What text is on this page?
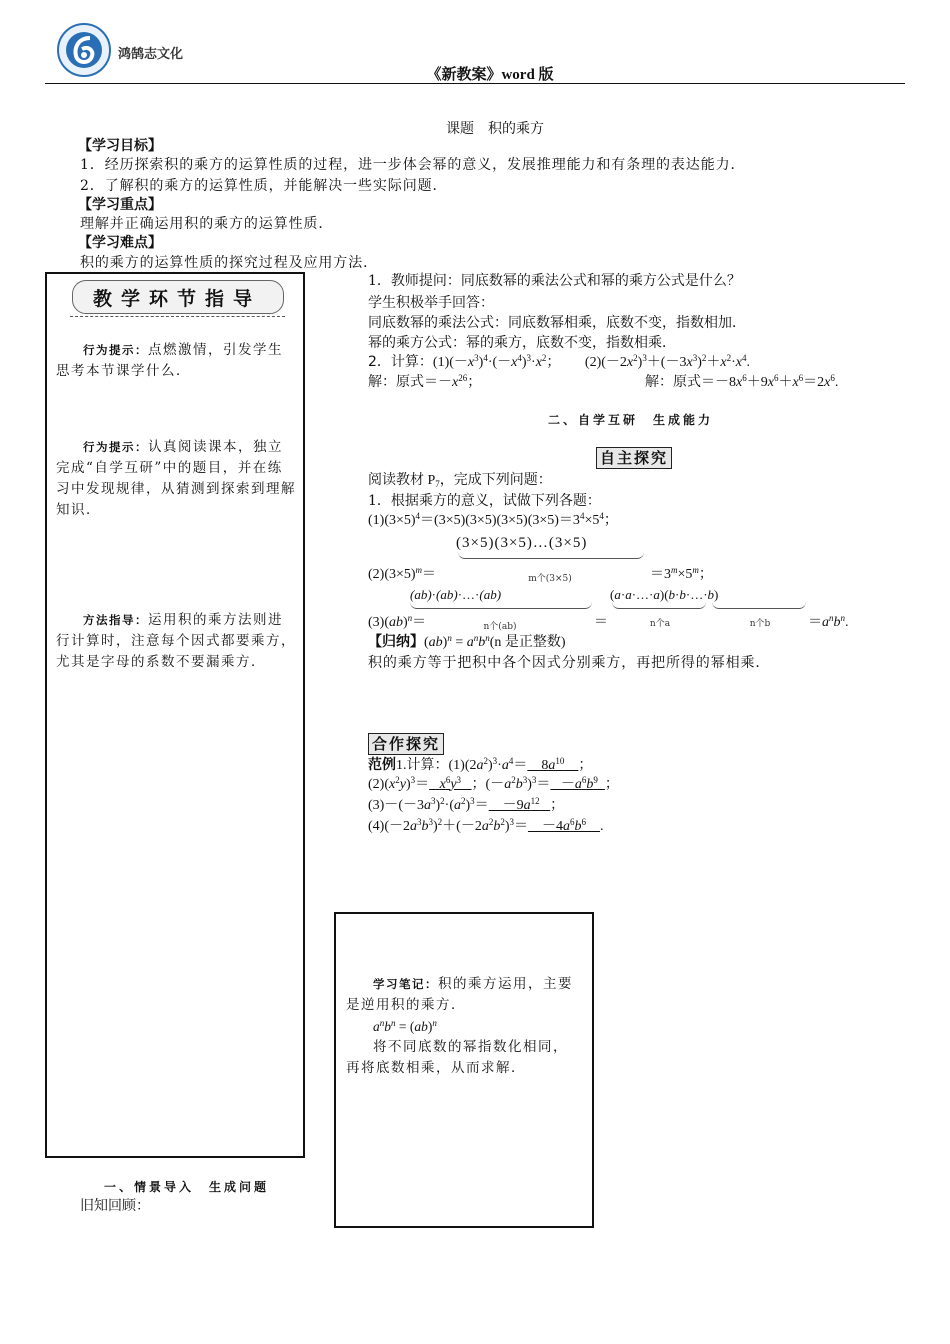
鸿鹄志文化
《新教案》word 版
课题　积的乘方
【学习目标】
1．经历探索积的乘方的运算性质的过程，进一步体会幂的意义，发展推理能力和有条理的表达能力．
2．了解积的乘方的运算性质，并能解决一些实际问题．
【学习重点】
理解并正确运用积的乘方的运算性质．
【学习难点】
积的乘方的运算性质的探究过程及应用方法．
教学环节指导
行为提示：点燃激情，引发学生思考本节课学什么．
行为提示：认真阅读课本，独立完成“自学互研”中的题目，并在练习中发现规律，从猜测到探索到理解知识．
方法指导：运用积的乘方法则进行计算时，注意每个因式都要乘方，尤其是字母的系数不要漏乘方．
一、情景导入　生成问题
旧知回顾：
1．教师提问：同底数幂的乘法公式和幂的乘方公式是什么？
学生积极举手回答：
同底数幂的乘法公式：同底数幂相乘，底数不变，指数相加．
幂的乘方公式：幂的乘方，底数不变，指数相乘．
2．计算：$(1)(-x^3)^4\cdot(-x^4)^3\cdot x^2$；       $(2)(-2x^2)^3+(-3x^3)^2+x^2\cdot x^4$.
解：原式$=-x^{26}$；	解：原式$=-8x^6+9x^6+x^6=2x^6$.
二、自学互研　生成能力
自主探究
阅读教材 $P_7$，完成下列问题：
1．根据乘方的意义，试做下列各题：
$(1)(3\times 5)^4=(3\times 5)(3\times 5)(3\times 5)(3\times 5)=3^4\times 5^4$；
(3×5)(3×5)…(3×5)
m个(3×5)
$(2)(3\times 5)^m=$	$=3^m\times 5^m$；
(ab)·(ab)·…·(ab)
n个(ab)
(a·a·…·a)(b·b·…·b)
n个a	n个b
(3)(ab)$^n$＝	＝	$=a^nb^n$.
【归纳】$(ab)^n = a^nb^n(n$ 是正整数)
积的乘方等于把积中各个因式分别乘方，再把所得的幂相乘．
合作探究
范例1.计算：$(1)(2a^2)^3\cdot a^4=$    $8a^{10}$ ；
$(2)(x^2y)^3= x^6y^3$ ；$(-a^2b^3)^3= -a^6b^9$ ；
$(3)-(-3a^3)^2\cdot(a^2)^3=$    $-9a^{12}$ ；
$(4)(-2a^3b^3)^2+(-2a^2b^2)^3=$    $-4a^6b^6$ .
学习笔记：积的乘方运用，主要是逆用积的乘方．
$a^nb^n = (ab)^n$
将不同底数的幂指数化相同，再将底数相乘，从而求解．
